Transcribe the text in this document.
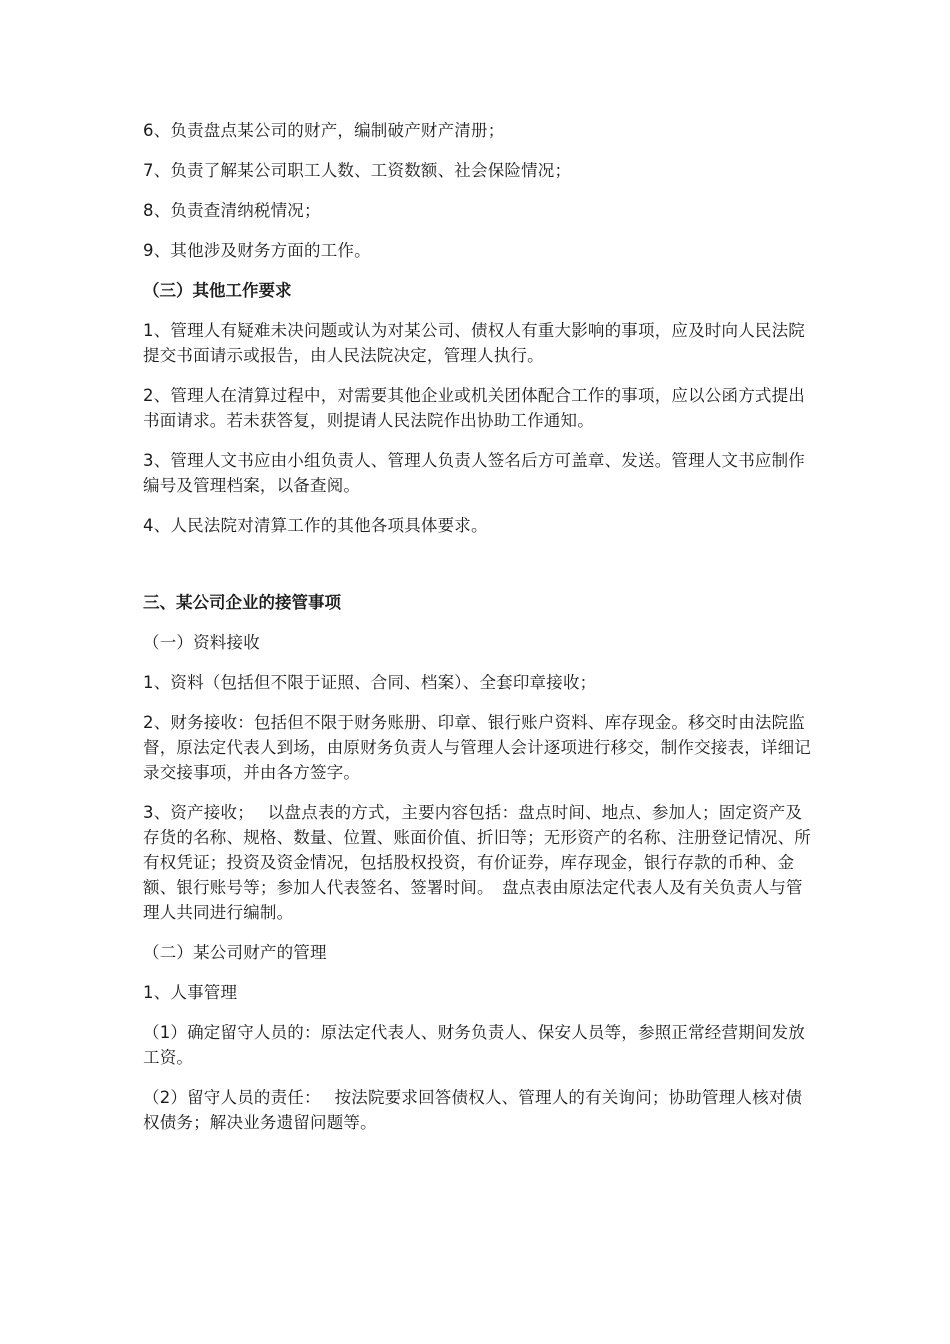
6、负责盘点某公司的财产，编制破产财产清册；

7、负责了解某公司职工人数、工资数额、社会保险情况；

8、负责查清纳税情况；

9、其他涉及财务方面的工作。

（三）其他工作要求

1、管理人有疑难未决问题或认为对某公司、债权人有重大影响的事项，应及时向人民法院提交书面请示或报告，由人民法院决定，管理人执行。

2、管理人在清算过程中，对需要其他企业或机关团体配合工作的事项，应以公函方式提出书面请求。若未获答复，则提请人民法院作出协助工作通知。

3、管理人文书应由小组负责人、管理人负责人签名后方可盖章、发送。管理人文书应制作编号及管理档案，以备查阅。

4、人民法院对清算工作的其他各项具体要求。

三、某公司企业的接管事项

（一）资料接收

1、资料（包括但不限于证照、合同、档案）、全套印章接收；

2、财务接收：包括但不限于财务账册、印章、银行账户资料、库存现金。移交时由法院监督，原法定代表人到场，由原财务负责人与管理人会计逐项进行移交，制作交接表，详细记录交接事项，并由各方签字。

3、资产接收；　 以盘点表的方式，主要内容包括：盘点时间、地点、参加人；固定资产及存货的名称、规格、数量、位置、账面价值、折旧等；无形资产的名称、注册登记情况、所有权凭证；投资及资金情况，包括股权投资，有价证券，库存现金，银行存款的币种、金额、银行账号等；参加人代表签名、签署时间。　盘点表由原法定代表人及有关负责人与管理人共同进行编制。

（二）某公司财产的管理

1、人事管理

（1）确定留守人员的：原法定代表人、财务负责人、保安人员等，参照正常经营期间发放工资。

（2）留守人员的责任：　 按法院要求回答债权人、管理人的有关询问；协助管理人核对债权债务；解决业务遗留问题等。
